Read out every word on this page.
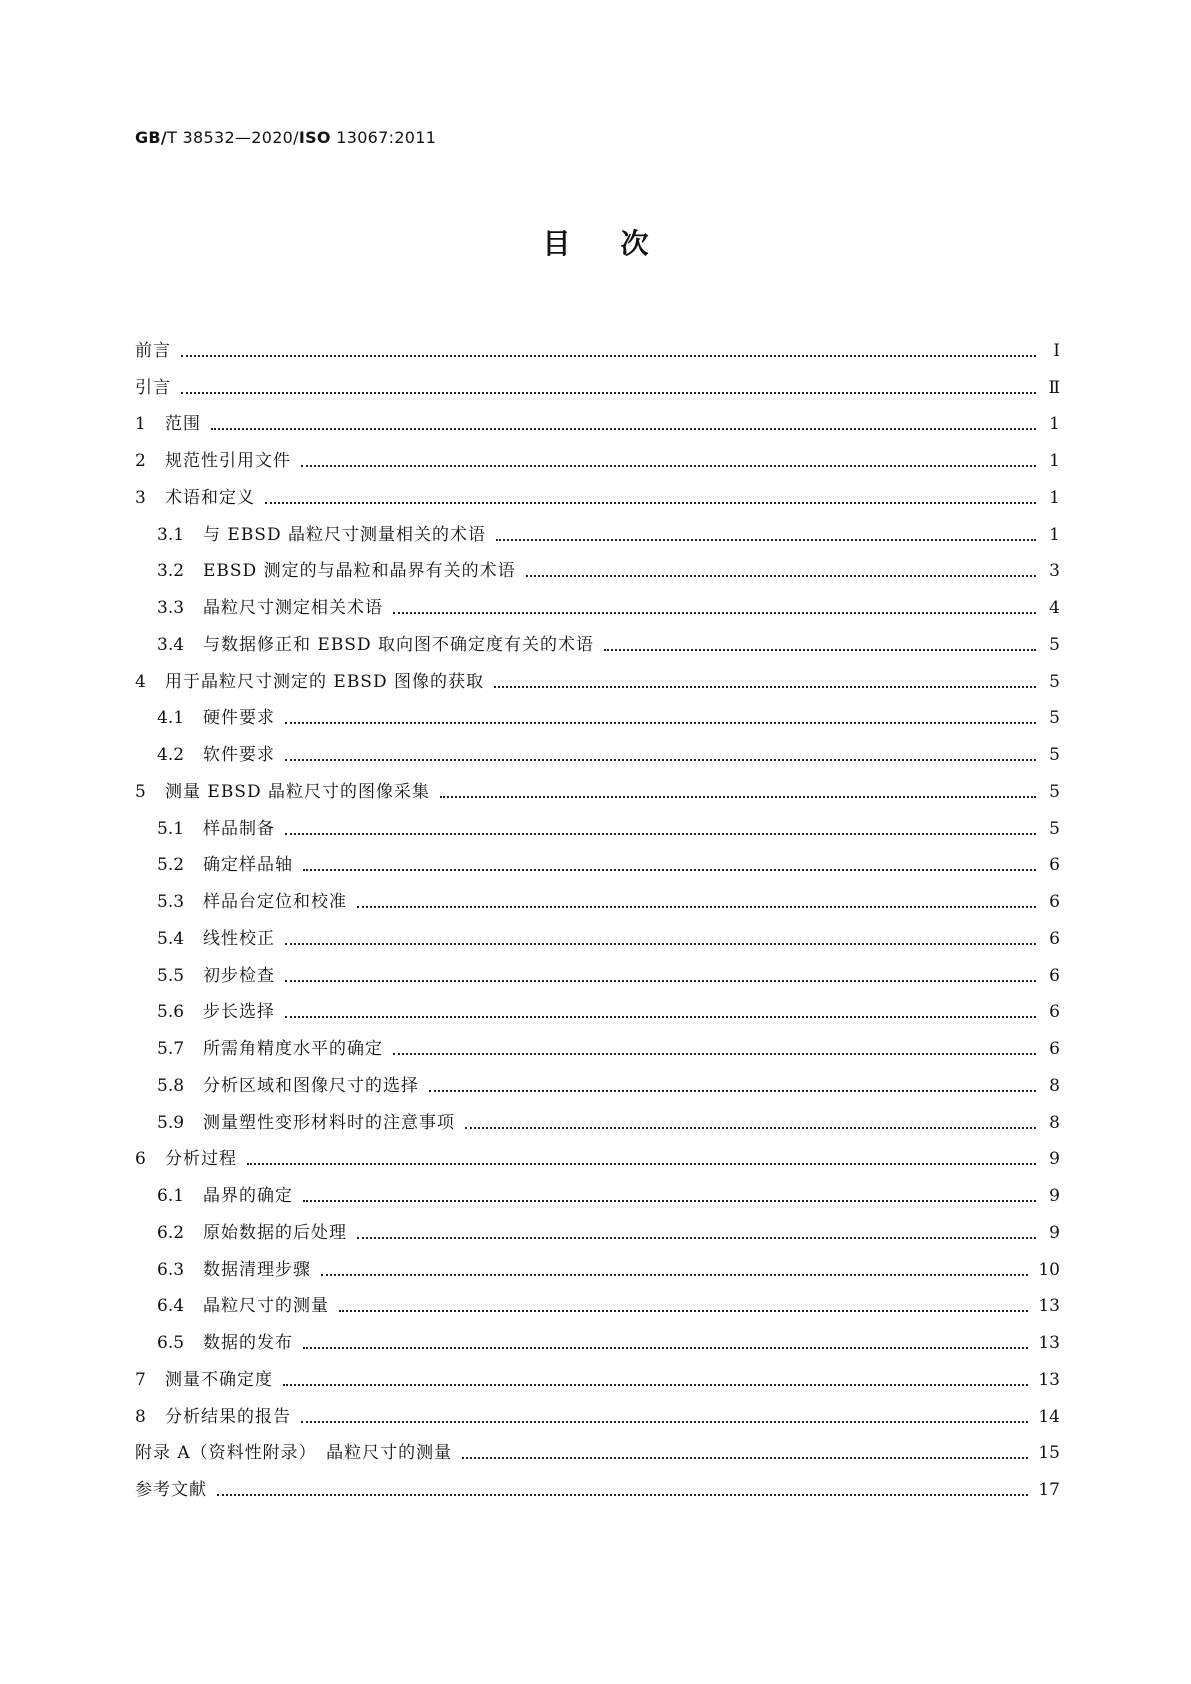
GB/T 38532—2020/ISO 13067:2011
目次
前言	Ⅰ
引言	Ⅱ
1 范围	1
2 规范性引用文件	1
3 术语和定义	1
3.1 与 EBSD 晶粒尺寸测量相关的术语	1
3.2 EBSD 测定的与晶粒和晶界有关的术语	3
3.3 晶粒尺寸测定相关术语	4
3.4 与数据修正和 EBSD 取向图不确定度有关的术语	5
4 用于晶粒尺寸测定的 EBSD 图像的获取	5
4.1 硬件要求	5
4.2 软件要求	5
5 测量 EBSD 晶粒尺寸的图像采集	5
5.1 样品制备	5
5.2 确定样品轴	6
5.3 样品台定位和校准	6
5.4 线性校正	6
5.5 初步检查	6
5.6 步长选择	6
5.7 所需角精度水平的确定	6
5.8 分析区域和图像尺寸的选择	8
5.9 测量塑性变形材料时的注意事项	8
6 分析过程	9
6.1 晶界的确定	9
6.2 原始数据的后处理	9
6.3 数据清理步骤	10
6.4 晶粒尺寸的测量	13
6.5 数据的发布	13
7 测量不确定度	13
8 分析结果的报告	14
附录 A（资料性附录）　晶粒尺寸的测量	15
参考文献	17
